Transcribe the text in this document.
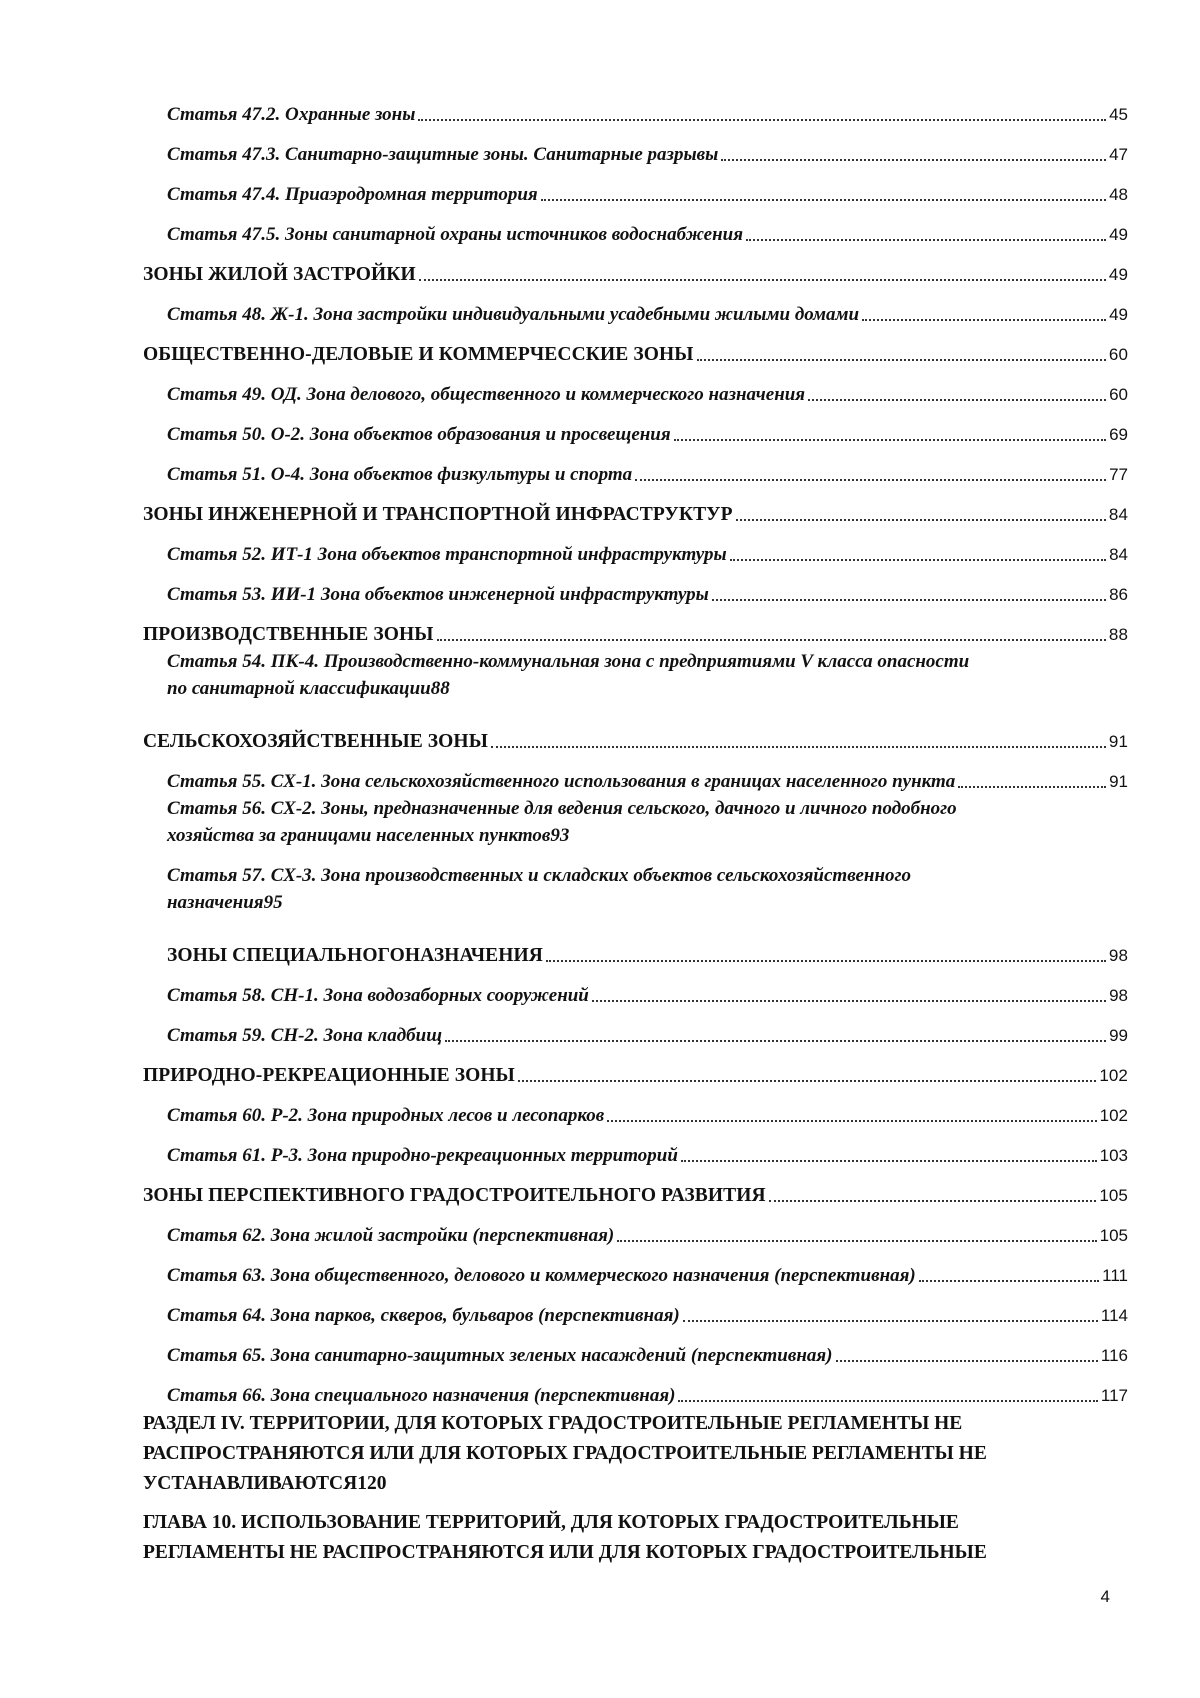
Статья 47.2. Охранные зоны	45
Статья 47.3. Санитарно-защитные зоны. Санитарные разрывы	47
Статья 47.4. Приаэродромная территория	48
Статья 47.5. Зоны санитарной охраны источников водоснабжения	49
ЗОНЫ ЖИЛОЙ ЗАСТРОЙКИ	49
Статья 48. Ж-1. Зона застройки индивидуальными усадебными жилыми домами	49
ОБЩЕСТВЕННО-ДЕЛОВЫЕ И КОММЕРЧЕССКИЕ ЗОНЫ	60
Статья 49. ОД. Зона делового, общественного и коммерческого назначения	60
Статья 50. О-2. Зона объектов образования и просвещения	69
Статья 51. О-4. Зона объектов физкультуры и спорта	77
ЗОНЫ ИНЖЕНЕРНОЙ И ТРАНСПОРТНОЙ ИНФРАСТРУКТУР	84
Статья 52. ИТ-1 Зона объектов транспортной инфраструктуры	84
Статья 53. ИИ-1 Зона объектов инженерной инфраструктуры	86
ПРОИЗВОДСТВЕННЫЕ ЗОНЫ	88
Статья 54. ПК-4. Производственно-коммунальная зона с предприятиями V класса опасности
по санитарной классификации 88
СЕЛЬСКОХОЗЯЙСТВЕННЫЕ ЗОНЫ	91
Статья 55. СХ-1. Зона сельскохозяйственного использования в границах населенного пункта	91
Статья 56. СХ-2. Зоны, предназначенные для ведения сельского, дачного и личного подобного
хозяйства за границами населенных пунктов 93
Статья 57. СХ-3. Зона производственных и складских объектов сельскохозяйственного
назначения 95
ЗОНЫ СПЕЦИАЛЬНОГОНАЗНАЧЕНИЯ	98
Статья 58. СН-1. Зона водозаборных сооружений	98
Статья 59. СН-2. Зона кладбищ	99
ПРИРОДНО-РЕКРЕАЦИОННЫЕ ЗОНЫ	102
Статья 60. Р-2. Зона природных лесов и лесопарков	102
Статья 61. Р-3. Зона природно-рекреационных территорий	103
ЗОНЫ ПЕРСПЕКТИВНОГО ГРАДОСТРОИТЕЛЬНОГО РАЗВИТИЯ	105
Статья 62. Зона жилой застройки (перспективная)	105
Статья 63. Зона общественного, делового и коммерческого назначения (перспективная)	111
Статья 64. Зона парков, скверов, бульваров (перспективная)	114
Статья 65. Зона санитарно-защитных зеленых насаждений (перспективная)	116
Статья 66. Зона специального назначения (перспективная)	117
РАЗДЕЛ IV. ТЕРРИТОРИИ, ДЛЯ КОТОРЫХ ГРАДОСТРОИТЕЛЬНЫЕ РЕГЛАМЕНТЫ НЕ
РАСПРОСТРАНЯЮТСЯ ИЛИ ДЛЯ КОТОРЫХ ГРАДОСТРОИТЕЛЬНЫЕ РЕГЛАМЕНТЫ НЕ
УСТАНАВЛИВАЮТСЯ 120
ГЛАВА 10. ИСПОЛЬЗОВАНИЕ ТЕРРИТОРИЙ, ДЛЯ КОТОРЫХ ГРАДОСТРОИТЕЛЬНЫЕ
РЕГЛАМЕНТЫ НЕ РАСПРОСТРАНЯЮТСЯ ИЛИ ДЛЯ КОТОРЫХ ГРАДОСТРОИТЕЛЬНЫЕ
4
